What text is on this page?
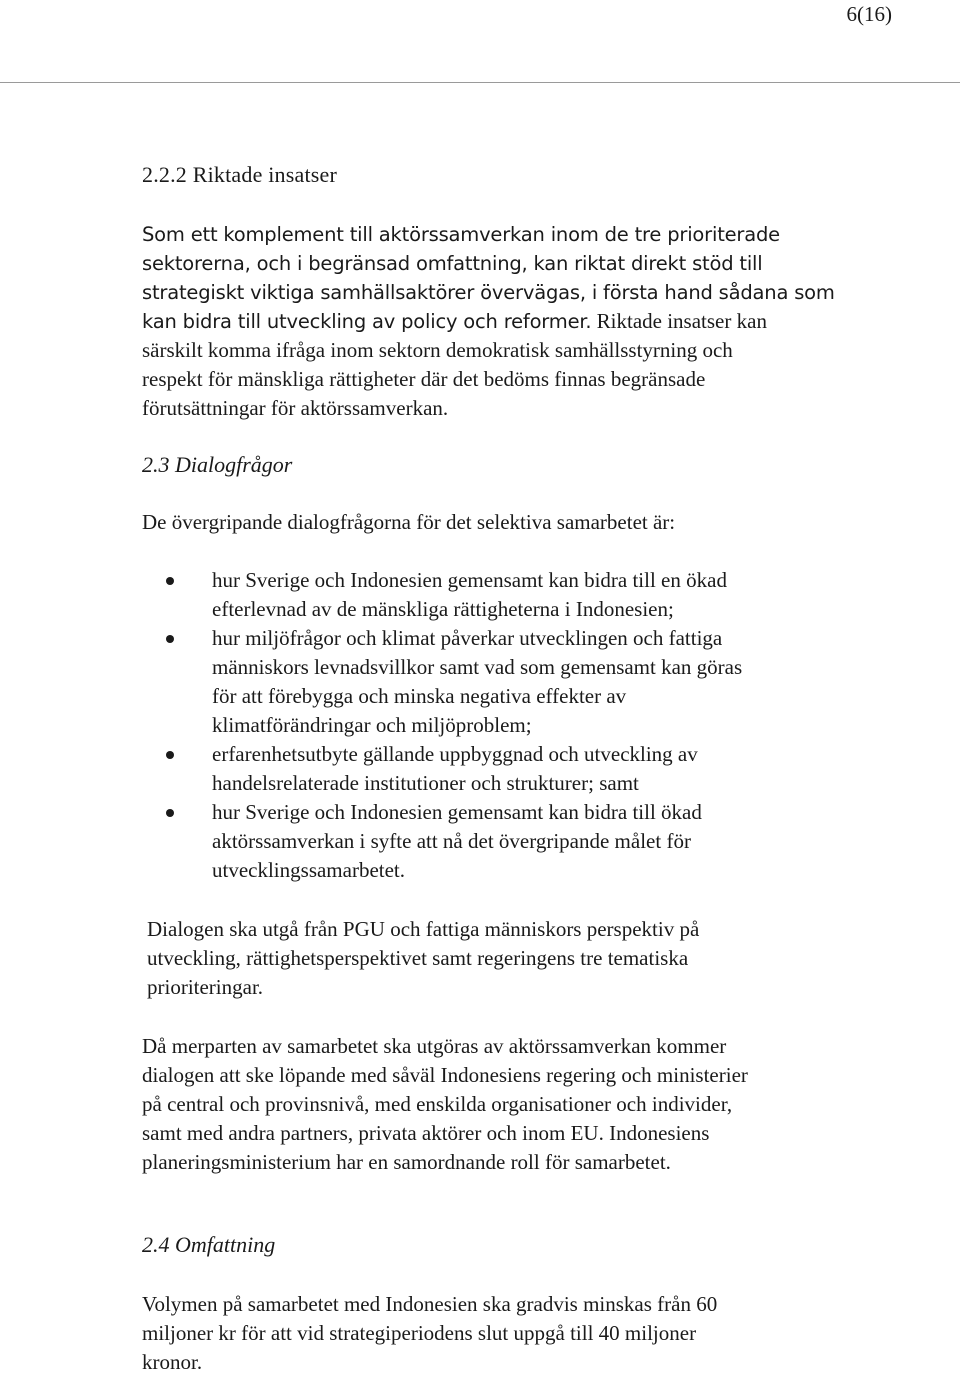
6(16)
2.2.2 Riktade insatser
Som ett komplement till aktörssamverkan inom de tre prioriterade
sektorerna, och i begränsad omfattning, kan riktat direkt stöd till
strategiskt viktiga samhällsaktörer övervägas, i första hand sådana som
kan bidra till utveckling av policy och reformer. Riktade insatser kan
särskilt komma ifråga inom sektorn demokratisk samhällsstyrning och
respekt för mänskliga rättigheter där det bedöms finnas begränsade
förutsättningar för aktörssamverkan.
2.3 Dialogfrågor
De övergripande dialogfrågorna för det selektiva samarbetet är:
hur Sverige och Indonesien gemensamt kan bidra till en ökad
efterlevnad av de mänskliga rättigheterna i Indonesien;
hur miljöfrågor och klimat påverkar utvecklingen och fattiga
människors levnadsvillkor samt vad som gemensamt kan göras
för att förebygga och minska negativa effekter av
klimatförändringar och miljöproblem;
erfarenhetsutbyte gällande uppbyggnad och utveckling av
handelsrelaterade institutioner och strukturer; samt
hur Sverige och Indonesien gemensamt kan bidra till ökad
aktörssamverkan i syfte att nå det övergripande målet för
utvecklingssamarbetet.
Dialogen ska utgå från PGU och fattiga människors perspektiv på
utveckling, rättighetsperspektivet samt regeringens tre tematiska
prioriteringar.
Då merparten av samarbetet ska utgöras av aktörssamverkan kommer
dialogen att ske löpande med såväl Indonesiens regering och ministerier
på central och provinsnivå, med enskilda organisationer och individer,
samt med andra partners, privata aktörer och inom EU. Indonesiens
planeringsministerium har en samordnande roll för samarbetet.
2.4 Omfattning
Volymen på samarbetet med Indonesien ska gradvis minskas från 60
miljoner kr för att vid strategiperiodens slut uppgå till 40 miljoner
kronor.
